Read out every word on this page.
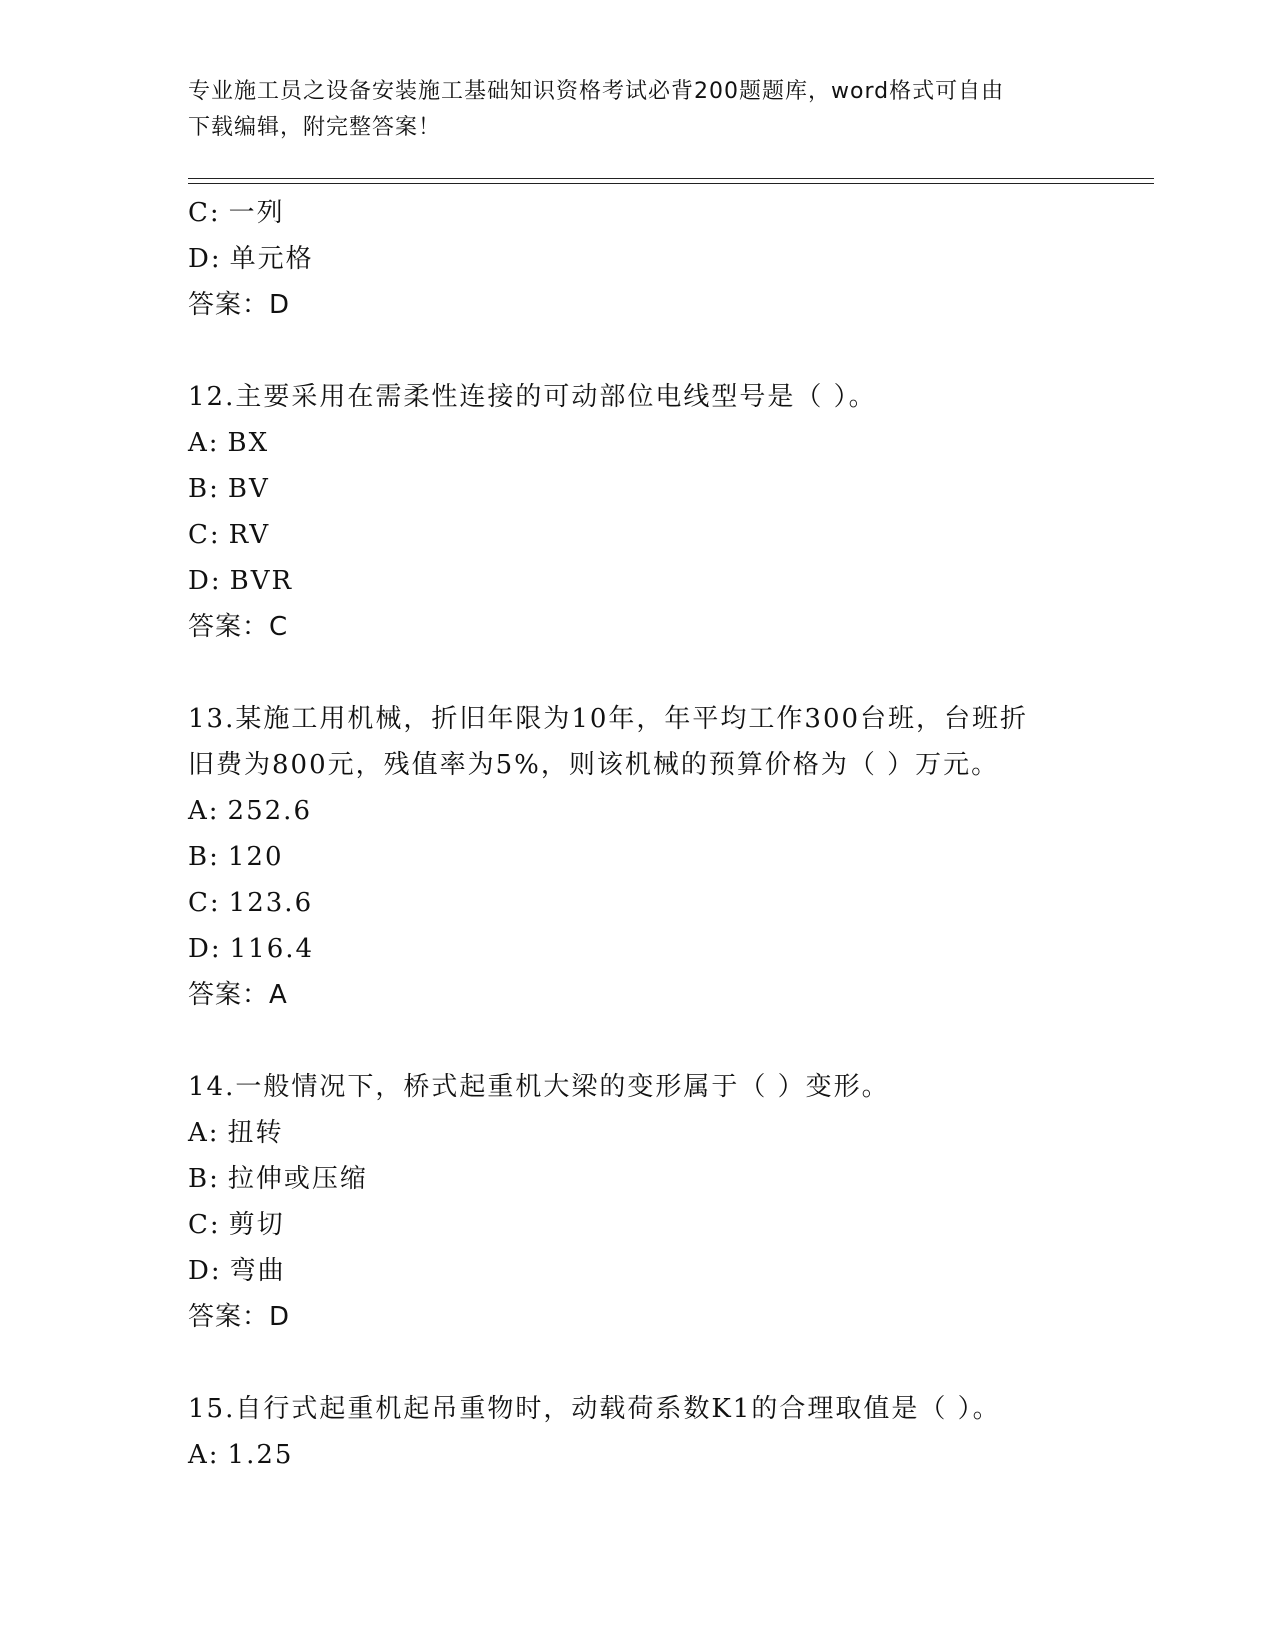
专业施工员之设备安装施工基础知识资格考试必背200题题库，word格式可自由
下载编辑，附完整答案！
C: 一列
D: 单元格
答案：D
12.主要采用在需柔性连接的可动部位电线型号是（ ）。
A: BX
B: BV
C: RV
D: BVR
答案：C
13.某施工用机械，折旧年限为10年，年平均工作300台班，台班折
旧费为800元，残值率为5%，则该机械的预算价格为（ ）万元。
A: 252.6
B: 120
C: 123.6
D: 116.4
答案：A
14.一般情况下，桥式起重机大梁的变形属于（ ）变形。
A: 扭转
B: 拉伸或压缩
C: 剪切
D: 弯曲
答案：D
15.自行式起重机起吊重物时，动载荷系数K1的合理取值是（ ）。
A: 1.25
